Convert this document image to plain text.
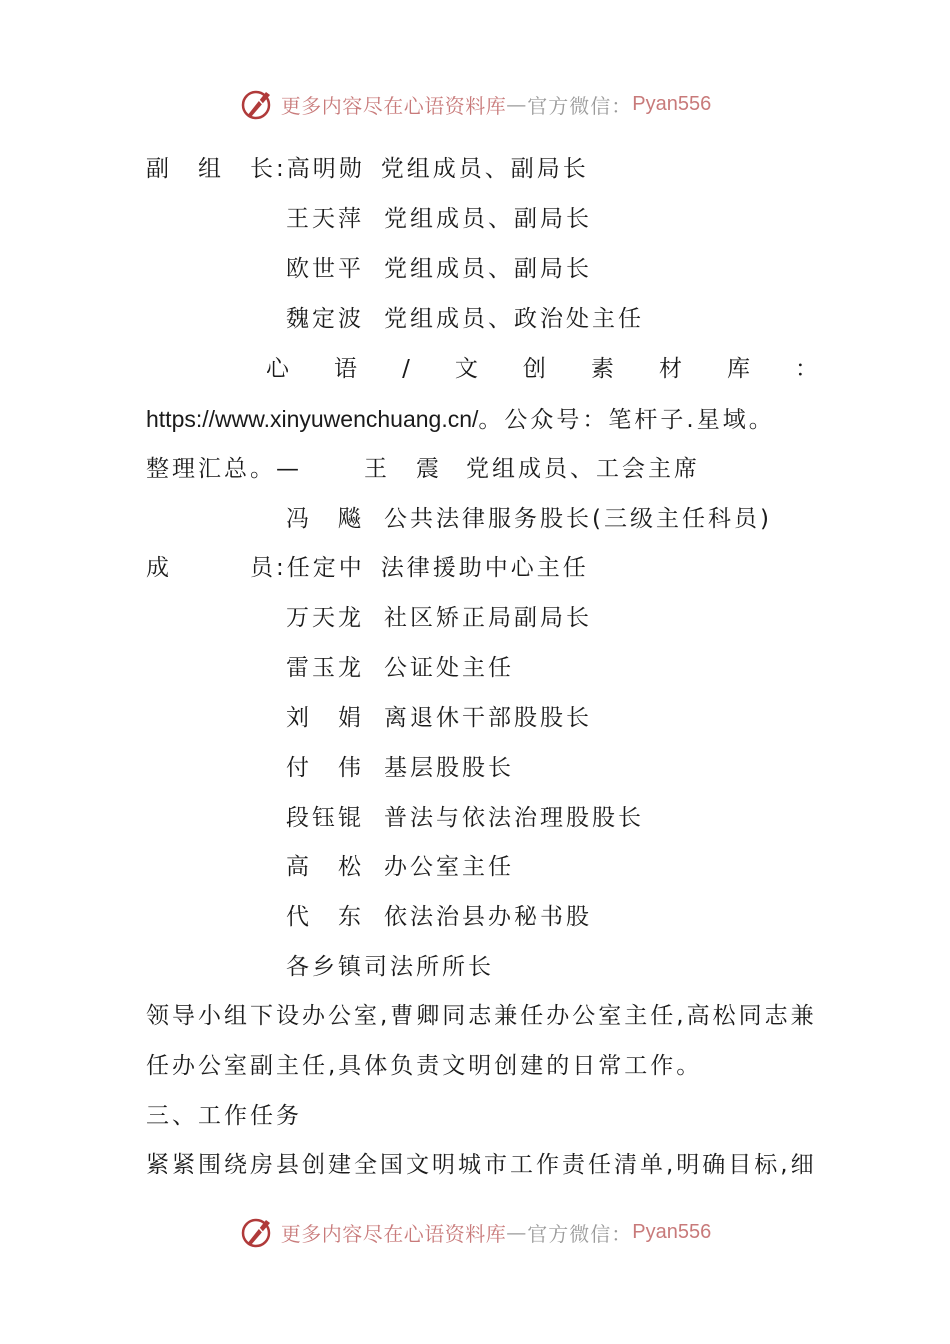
更多内容尽在心语资料库 — 官方微信： Pyan556
副　组　长:高明勋 党组成员、副局长
王天萍 党组成员、副局长
欧世平 党组成员、副局长
魏定波 党组成员、政治处主任
心 语 / 文 创 素 材 库 ：
https://www.xinyuwenchuang.cn/。公众号：笔杆子.星域。
整理汇总。—	王　震 党组成员、工会主席
冯　飚 公共法律服务股长(三级主任科员)
成　　　员:任定中 法律援助中心主任
万天龙 社区矫正局副局长
雷玉龙 公证处主任
刘　娟 离退休干部股股长
付　伟 基层股股长
段钰锟 普法与依法治理股股长
高　松 办公室主任
代　东 依法治县办秘书股
各乡镇司法所所长
领导小组下设办公室,曹卿同志兼任办公室主任,高松同志兼
任办公室副主任,具体负责文明创建的日常工作。
三、工作任务
紧紧围绕房县创建全国文明城市工作责任清单,明确目标,细
更多内容尽在心语资料库 — 官方微信： Pyan556
